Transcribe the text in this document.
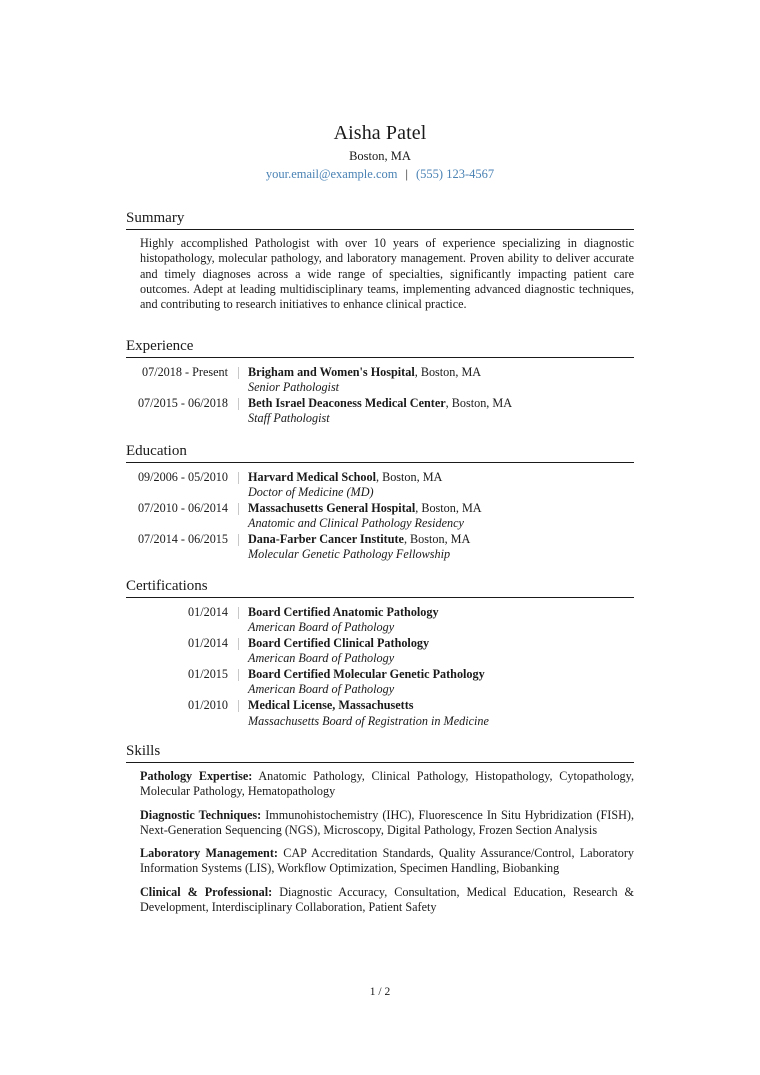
Aisha Patel
Boston, MA
your.email@example.com | (555) 123-4567
Summary
Highly accomplished Pathologist with over 10 years of experience specializing in diagnostic histopathology, molecular pathology, and laboratory management. Proven ability to deliver accurate and timely diagnoses across a wide range of specialties, significantly impacting patient care outcomes. Adept at leading multidisciplinary teams, implementing advanced diagnostic techniques, and contributing to research initiatives to enhance clinical practice.
Experience
07/2018 - Present	Brigham and Women's Hospital, Boston, MA
Senior Pathologist
07/2015 - 06/2018	Beth Israel Deaconess Medical Center, Boston, MA
Staff Pathologist
Education
09/2006 - 05/2010	Harvard Medical School, Boston, MA
Doctor of Medicine (MD)
07/2010 - 06/2014	Massachusetts General Hospital, Boston, MA
Anatomic and Clinical Pathology Residency
07/2014 - 06/2015	Dana-Farber Cancer Institute, Boston, MA
Molecular Genetic Pathology Fellowship
Certifications
01/2014	Board Certified Anatomic Pathology
American Board of Pathology
01/2014	Board Certified Clinical Pathology
American Board of Pathology
01/2015	Board Certified Molecular Genetic Pathology
American Board of Pathology
01/2010	Medical License, Massachusetts
Massachusetts Board of Registration in Medicine
Skills
Pathology Expertise: Anatomic Pathology, Clinical Pathology, Histopathology, Cytopathology, Molecular Pathology, Hematopathology
Diagnostic Techniques: Immunohistochemistry (IHC), Fluorescence In Situ Hybridization (FISH), Next-Generation Sequencing (NGS), Microscopy, Digital Pathology, Frozen Section Analysis
Laboratory Management: CAP Accreditation Standards, Quality Assurance/Control, Laboratory Information Systems (LIS), Workflow Optimization, Specimen Handling, Biobanking
Clinical & Professional: Diagnostic Accuracy, Consultation, Medical Education, Research & Development, Interdisciplinary Collaboration, Patient Safety
1 / 2
